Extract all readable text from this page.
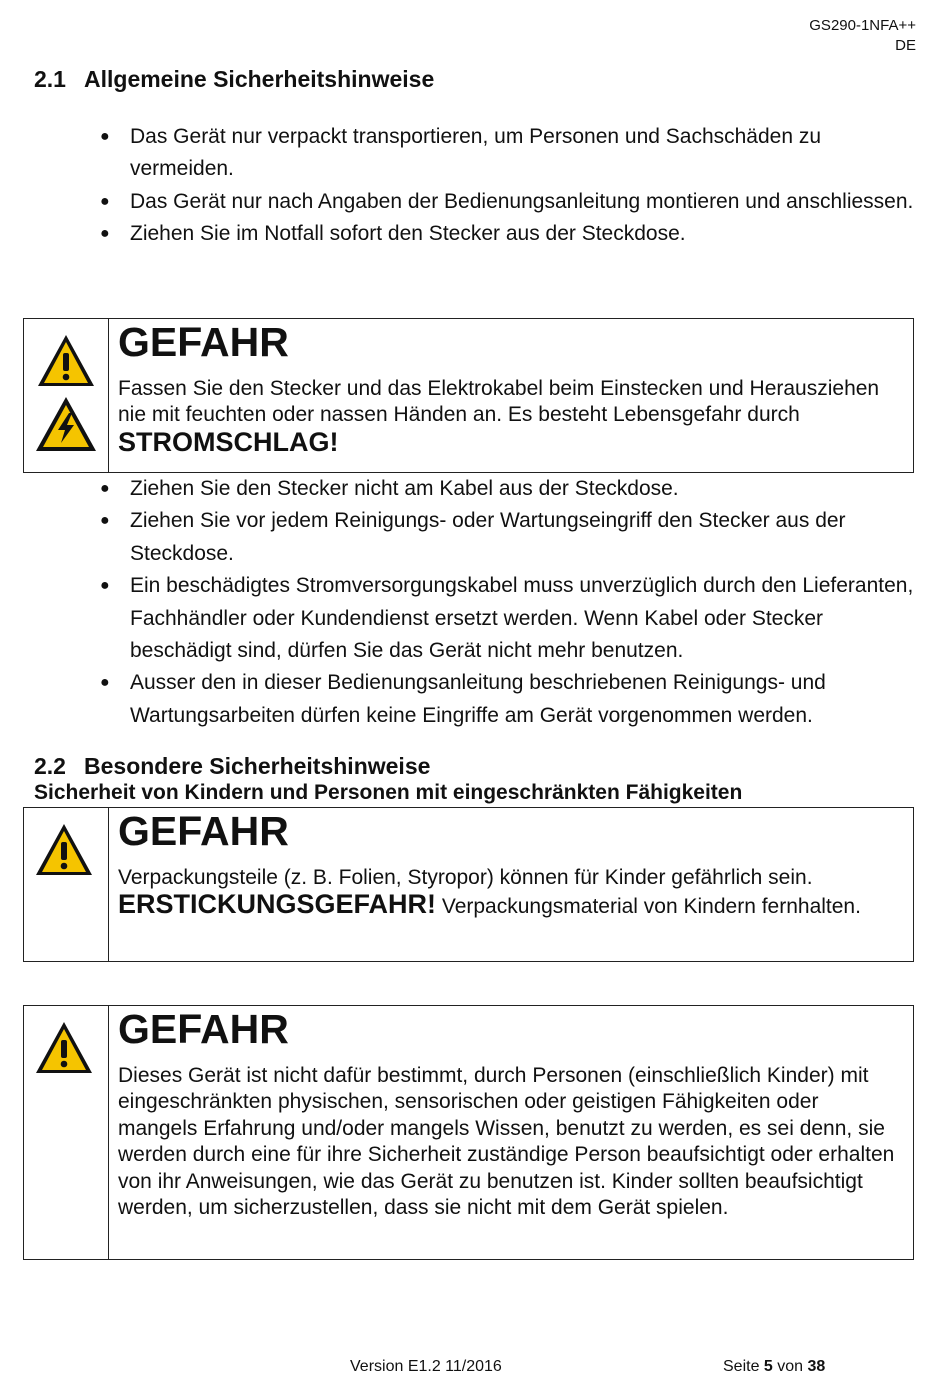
GS290-1NFA++
DE
2.1 Allgemeine Sicherheitshinweise
● Das Gerät nur verpackt transportieren, um Personen und Sachschäden zu vermeiden.
● Das Gerät nur nach Angaben der Bedienungsanleitung montieren und anschliessen.
● Ziehen Sie im Notfall sofort den Stecker aus der Steckdose.
GEFAHR
Fassen Sie den Stecker und das Elektrokabel beim Einstecken und Herausziehen nie mit feuchten oder nassen Händen an. Es besteht Lebensgefahr durch STROMSCHLAG!
● Ziehen Sie den Stecker nicht am Kabel aus der Steckdose.
● Ziehen Sie vor jedem Reinigungs- oder Wartungseingriff den Stecker aus der Steckdose.
● Ein beschädigtes Stromversorgungskabel muss unverzüglich durch den Lieferanten, Fachhändler oder Kundendienst ersetzt werden. Wenn Kabel oder Stecker beschädigt sind, dürfen Sie das Gerät nicht mehr benutzen.
● Ausser den in dieser Bedienungsanleitung beschriebenen Reinigungs- und Wartungsarbeiten dürfen keine Eingriffe am Gerät vorgenommen werden.
2.2 Besondere Sicherheitshinweise
Sicherheit von Kindern und Personen mit eingeschränkten Fähigkeiten
GEFAHR
Verpackungsteile (z. B. Folien, Styropor) können für Kinder gefährlich sein.
ERSTICKUNGSGEFAHR! Verpackungsmaterial von Kindern fernhalten.
GEFAHR
Dieses Gerät ist nicht dafür bestimmt, durch Personen (einschließlich Kinder) mit eingeschränkten physischen, sensorischen oder geistigen Fähigkeiten oder mangels Erfahrung und/oder mangels Wissen, benutzt zu werden, es sei denn, sie werden durch eine für ihre Sicherheit zuständige Person beaufsichtigt oder erhalten von ihr Anweisungen, wie das Gerät zu benutzen ist. Kinder sollten beaufsichtigt werden, um sicherzustellen, dass sie nicht mit dem Gerät spielen.
Version E1.2 11/2016	Seite 5 von 38
